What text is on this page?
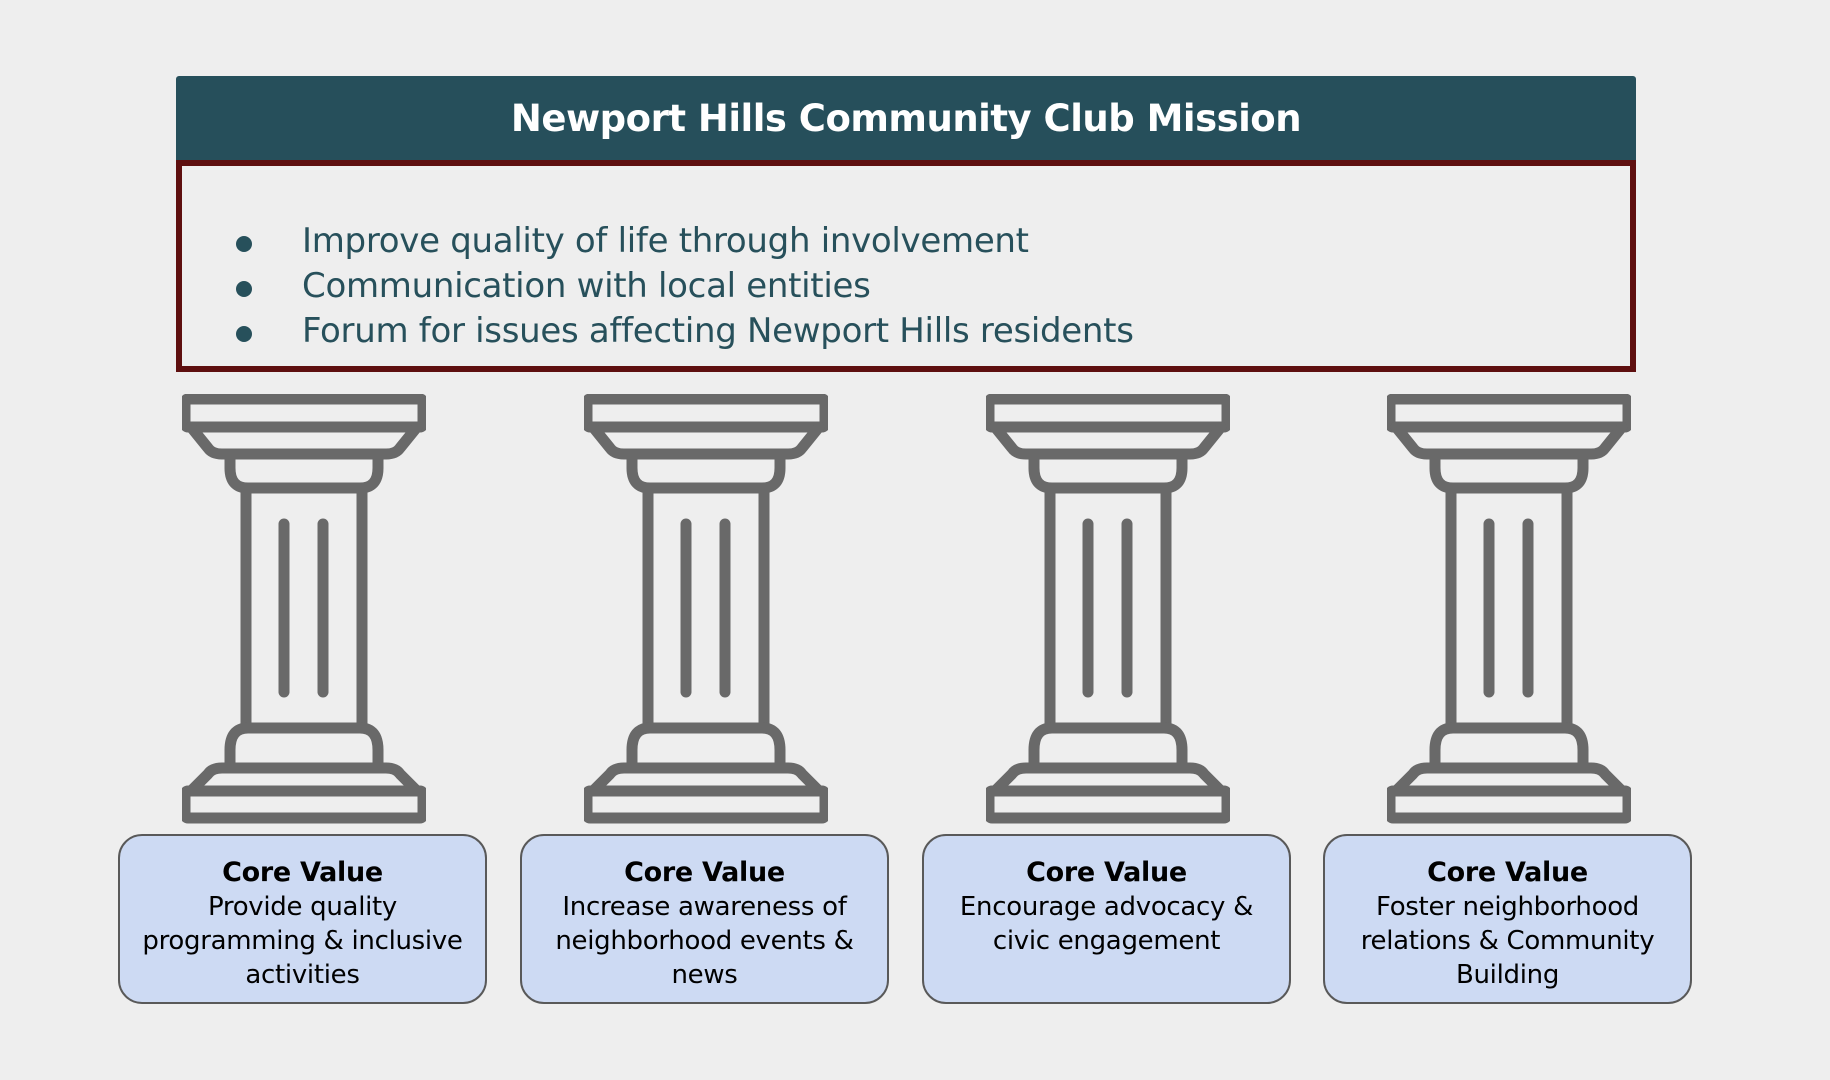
Newport Hills Community Club Mission
Improve quality of life through involvement
Communication with local entities
Forum for issues affecting Newport Hills residents
Core Value
Provide quality programming & inclusive activities
Core Value
Increase awareness of neighborhood events & news
Core Value
Encourage advocacy & civic engagement
Core Value
Foster neighborhood relations & Community Building
